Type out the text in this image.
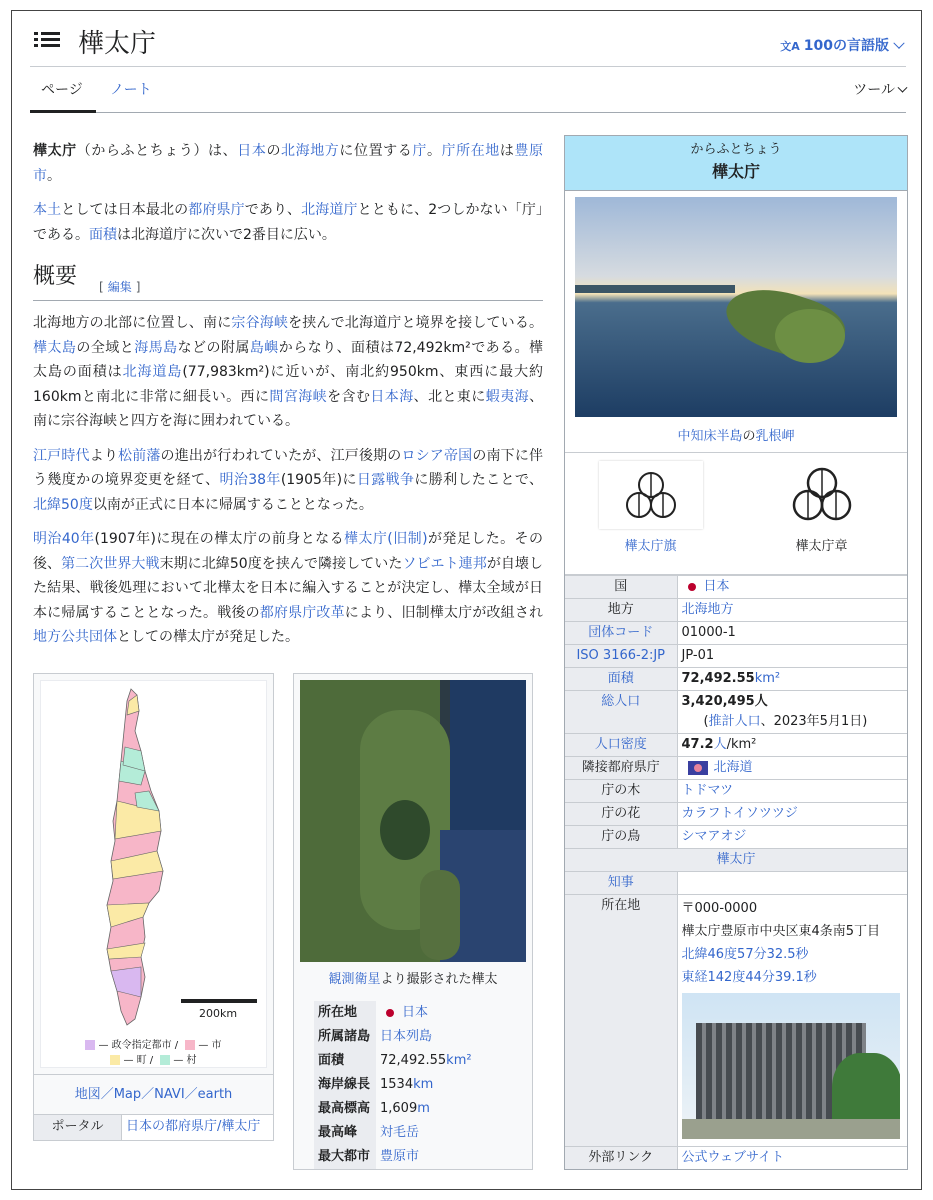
樺太庁	文A 100の言語版
ページ ノート	ツール

樺太庁（からふとちょう）は、日本の北海地方に位置する庁。庁所在地は豊原市。

本土としては日本最北の都府県庁であり、北海道庁とともに、2つしかない「庁」である。面積は北海道庁に次いで2番目に広い。

概要 [ 編集 ]

北海地方の北部に位置し、南に宗谷海峡を挟んで北海道庁と境界を接している。樺太島の全域と海馬島などの附属島嶼からなり、面積は72,492km²である。樺太島の面積は北海道島(77,983km²)に近いが、南北約950km、東西に最大約160kmと南北に非常に細長い。西に間宮海峡を含む日本海、北と東に蝦夷海、南に宗谷海峡と四方を海に囲われている。

江戸時代より松前藩の進出が行われていたが、江戸後期のロシア帝国の南下に伴う幾度かの境界変更を経て、明治38年(1905年)に日露戦争に勝利したことで、北緯50度以南が正式に日本に帰属することとなった。

明治40年(1907年)に現在の樺太庁の前身となる樺太庁(旧制)が発足した。その後、第二次世界大戦末期に北緯50度を挟んで隣接していたソビエト連邦が自壊した結果、戦後処理において北樺太を日本に編入することが決定し、樺太全域が日本に帰属することとなった。戦後の都府県庁改革により、旧制樺太庁が改組され地方公共団体としての樺太庁が発足した。

200km
— 政令指定都市 / — 市
— 町 / — 村
地図／Map／NAVI／earth
ポータル	日本の都府県庁/樺太庁
観測衛星より撮影された樺太
所在地	日本
所属諸島	日本列島
面積	72,492.55km²
海岸線長	1534km
最高標高	1,609m
最高峰	対毛岳
最大都市	豊原市
からふとちょう
樺太庁
中知床半島の乳根岬
樺太庁旗	樺太庁章
国	日本
地方	北海地方
団体コード	01000-1
ISO 3166-2:JP	JP-01
面積	72,492.55km²
総人口	3,420,495人
(推計人口、2023年5月1日)
人口密度	47.2人/km²
隣接都府県庁	北海道
庁の木	トドマツ
庁の花	カラフトイソツツジ
庁の鳥	シマアオジ
樺太庁	
知事	
所在地	〒000-0000
樺太庁豊原市中央区東4条南5丁目
北緯46度57分32.5秒
東経142度44分39.1秒

外部リンク	公式ウェブサイト
